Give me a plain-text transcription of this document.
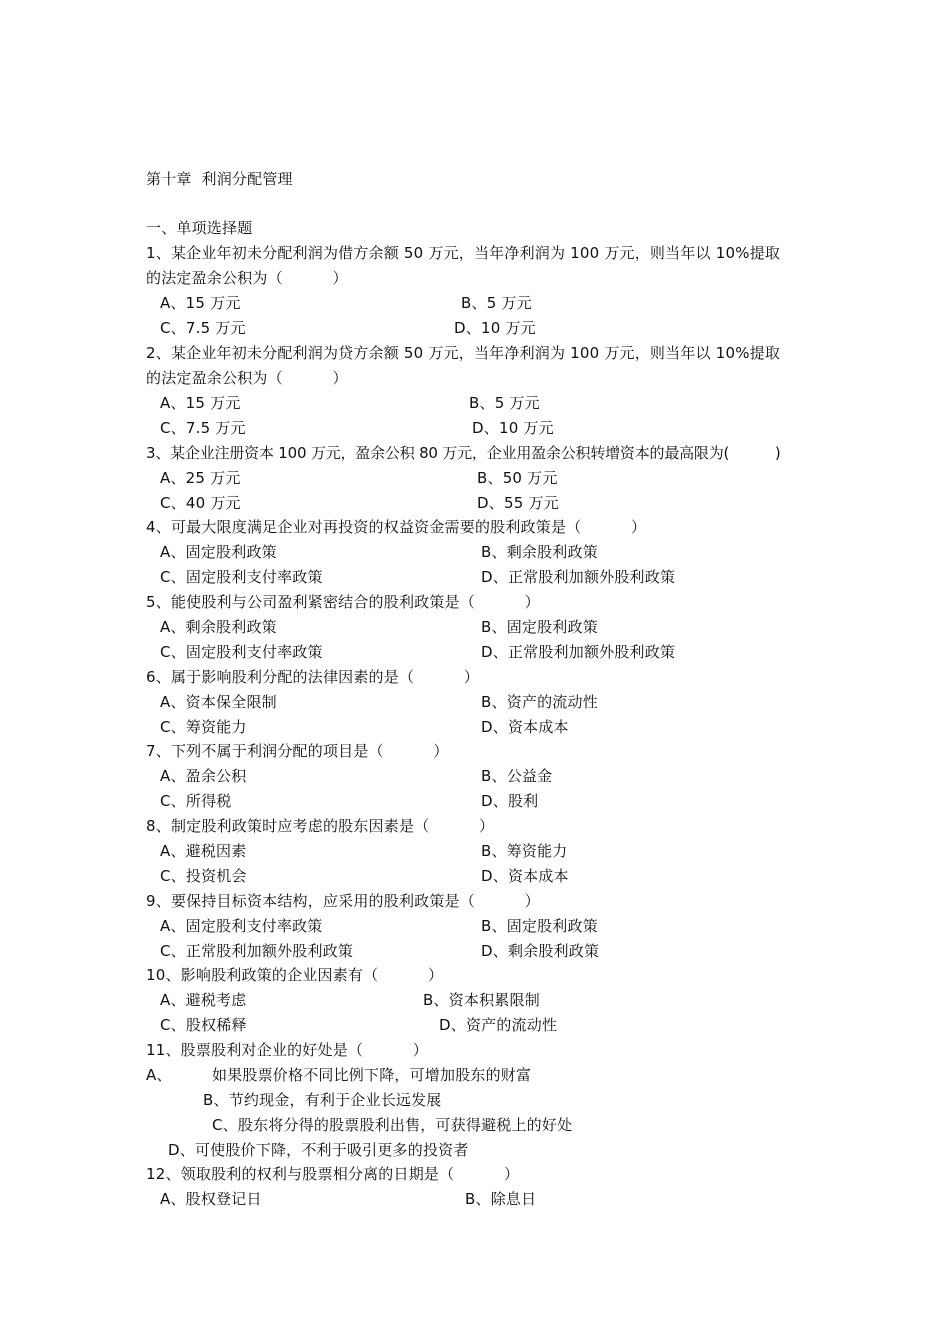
第十章  利润分配管理
一、单项选择题
1、某企业年初未分配利润为借方余额 50 万元，当年净利润为 100 万元，则当年以 10%提取
的法定盈余公积为（          ）
A、15 万元	B、5 万元
C、7.5 万元	D、10 万元
2、某企业年初未分配利润为贷方余额 50 万元，当年净利润为 100 万元，则当年以 10%提取
的法定盈余公积为（          ）
A、15 万元	B、5 万元
C、7.5 万元	D、10 万元
3、某企业注册资本 100 万元，盈余公积 80 万元，企业用盈余公积转增资本的最高限为(          )
A、25 万元	B、50 万元
C、40 万元	D、55 万元
4、可最大限度满足企业对再投资的权益资金需要的股利政策是（          ）
A、固定股利政策	B、剩余股利政策
C、固定股利支付率政策	D、正常股利加额外股利政策
5、能使股利与公司盈利紧密结合的股利政策是（          ）
A、剩余股利政策	B、固定股利政策
C、固定股利支付率政策	D、正常股利加额外股利政策
6、属于影响股利分配的法律因素的是（          ）
A、资本保全限制	B、资产的流动性
C、筹资能力	D、资本成本
7、下列不属于利润分配的项目是（          ）
A、盈余公积	B、公益金
C、所得税	D、股利
8、制定股利政策时应考虑的股东因素是（          ）
A、避税因素	B、筹资能力
C、投资机会	D、资本成本
9、要保持目标资本结构，应采用的股利政策是（          ）
A、固定股利支付率政策	B、固定股利政策
C、正常股利加额外股利政策	D、剩余股利政策
10、影响股利政策的企业因素有（          ）
A、避税考虑	B、资本积累限制
C、股权稀释	D、资产的流动性
11、股票股利对企业的好处是（          ）
A、	如果股票价格不同比例下降，可增加股东的财富
B、节约现金，有利于企业长远发展
C、股东将分得的股票股利出售，可获得避税上的好处
D、可使股价下降，不利于吸引更多的投资者
12、领取股利的权利与股票相分离的日期是（          ）
A、股权登记日	B、除息日
